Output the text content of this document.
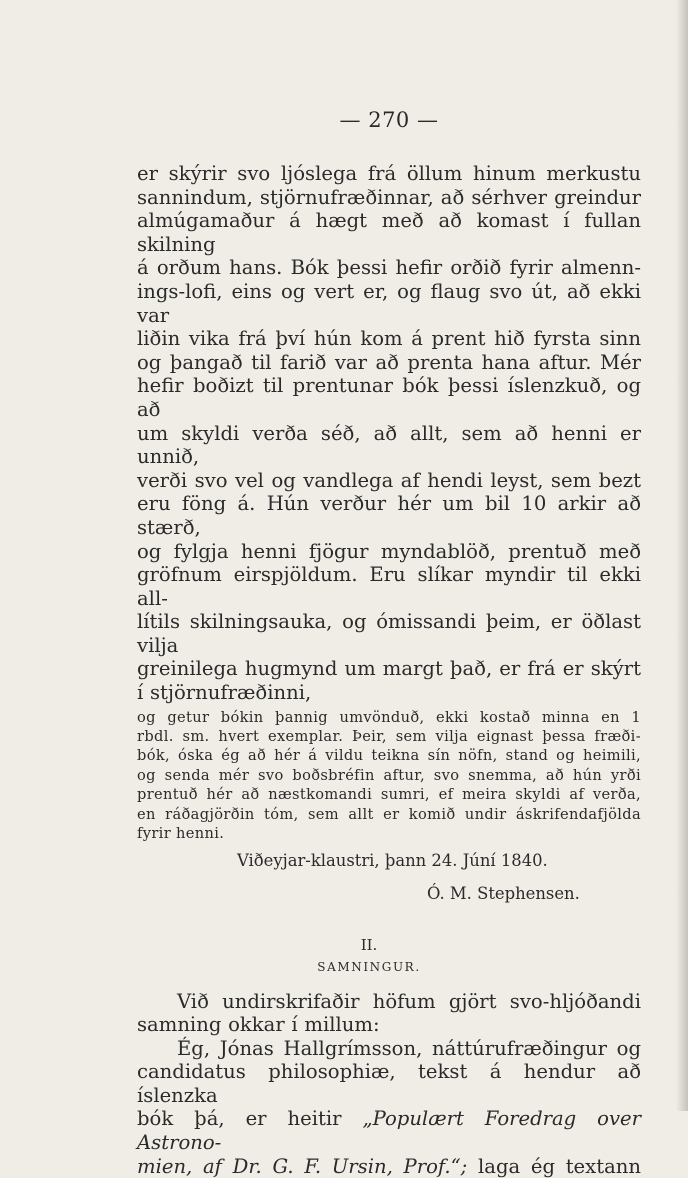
— 270 —
er skýrir svo ljóslega frá öllum hinum merkustu
sannindum, stjörnufræðinnar, að sérhver greindur
almúgamaður á hægt með að komast í fullan skilning
á orðum hans. Bók þessi hefir orðið fyrir almenn-
ings-lofi, eins og vert er, og flaug svo út, að ekki var
liðin vika frá því hún kom á prent hið fyrsta sinn
og þangað til farið var að prenta hana aftur. Mér
hefir boðizt til prentunar bók þessi íslenzkuð, og að
um skyldi verða séð, að allt, sem að henni er unnið,
verði svo vel og vandlega af hendi leyst, sem bezt
eru föng á. Hún verður hér um bil 10 arkir að stærð,
og fylgja henni fjögur myndablöð, prentuð með
gröfnum eirspjöldum. Eru slíkar myndir til ekki all-
lítils skilningsauka, og ómissandi þeim, er öðlast vilja
greinilega hugmynd um margt það, er frá er skýrt
í stjörnufræðinni,
og getur bókin þannig umvönduð, ekki kostað minna en 1
rbdl. sm. hvert exemplar. Þeir, sem vilja eignast þessa fræði-
bók, óska ég að hér á vildu teikna sín nöfn, stand og heimili,
og senda mér svo boðsbréfin aftur, svo snemma, að hún yrði
prentuð hér að næstkomandi sumri, ef meira skyldi af verða,
en ráðagjörðin tóm, sem allt er komið undir áskrifendafjölda
fyrir henni.
Viðeyjar-klaustri, þann 24. Júní 1840.
Ó. M. Stephensen.
II.
SAMNINGUR.
Við undirskrifaðir höfum gjört svo-hljóðandi
samning okkar í millum:
Ég, Jónas Hallgrímsson, náttúrufræðingur og
candidatus philosophiæ, tekst á hendur að íslenzka
bók þá, er heitir „Populært Foredrag over Astrono-
mien, af Dr. G. F. Ursin, Prof.“; laga ég textann
